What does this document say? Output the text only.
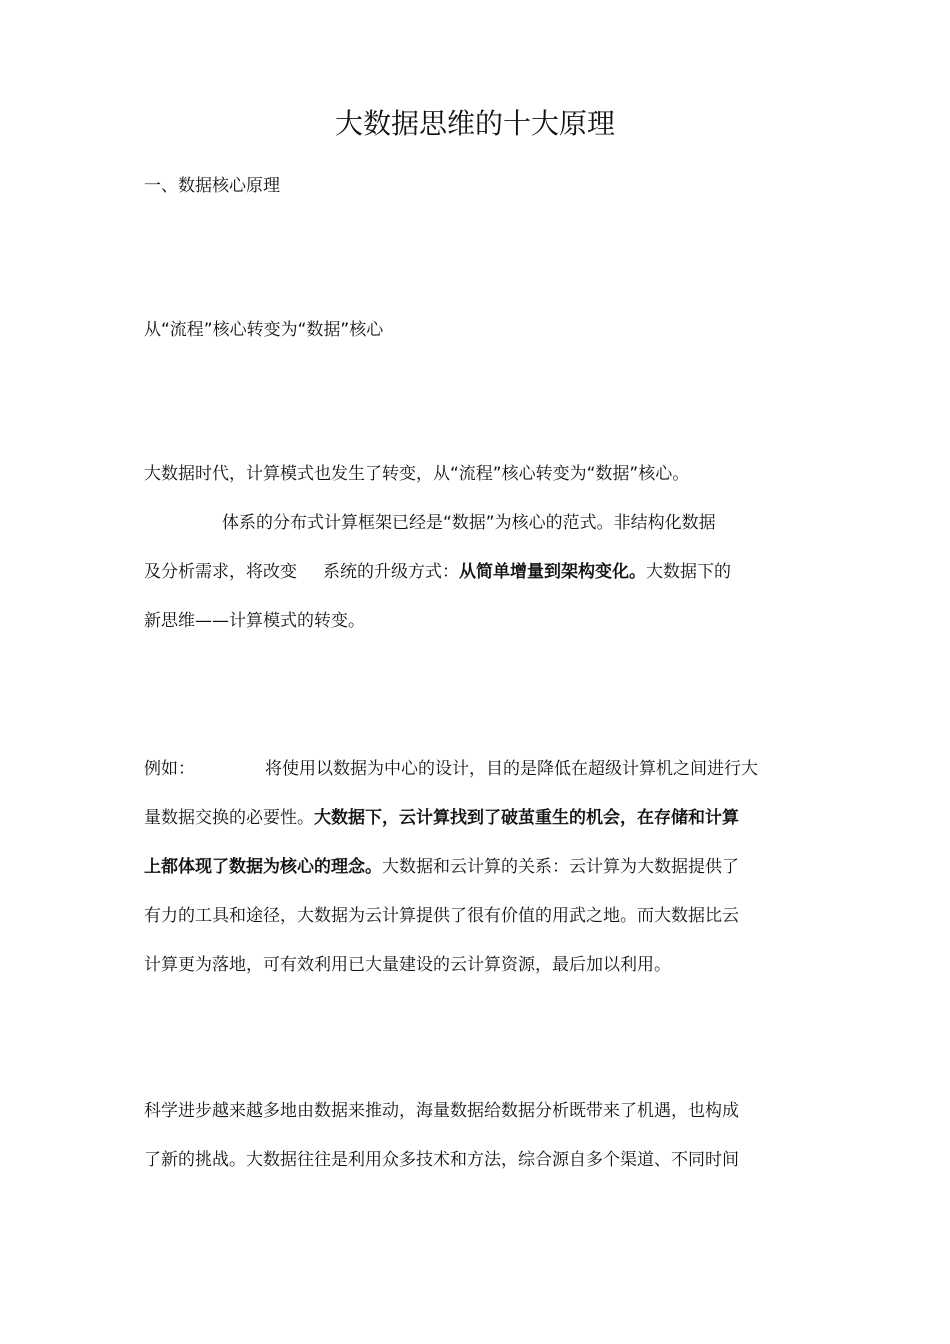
大数据思维的十大原理
一、数据核心原理
从“流程”核心转变为“数据”核心
大数据时代，计算模式也发生了转变，从“流程”核心转变为“数据”核心。
体系的分布式计算框架已经是“数据”为核心的范式。非结构化数据
及分析需求，将改变 系统的升级方式：从简单增量到架构变化。大数据下的
新思维——计算模式的转变。
例如：	将使用以数据为中心的设计，目的是降低在超级计算机之间进行大
量数据交换的必要性。大数据下，云计算找到了破茧重生的机会，在存储和计算
上都体现了数据为核心的理念。大数据和云计算的关系：云计算为大数据提供了
有力的工具和途径，大数据为云计算提供了很有价值的用武之地。而大数据比云
计算更为落地，可有效利用已大量建设的云计算资源，最后加以利用。
科学进步越来越多地由数据来推动，海量数据给数据分析既带来了机遇，也构成
了新的挑战。大数据往往是利用众多技术和方法，综合源自多个渠道、不同时间
